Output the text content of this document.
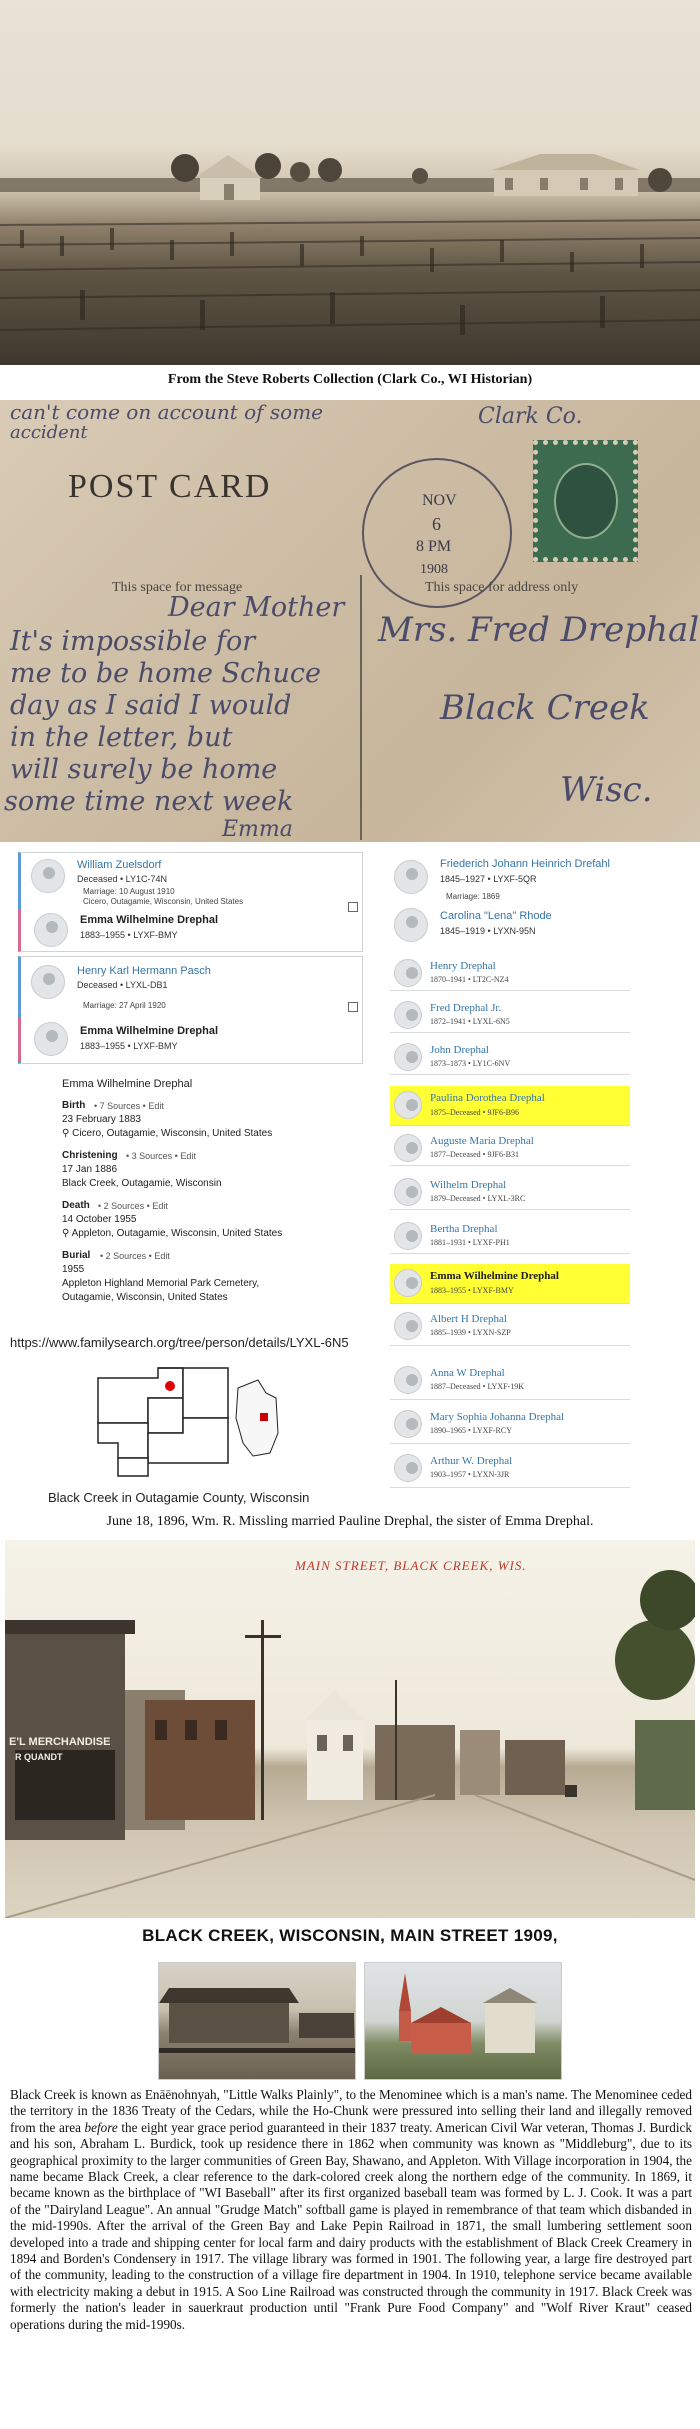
From the Steve Roberts Collection (Clark Co., WI Historian)
can't come on account of some
accident
Clark Co.
POST CARD	NOV
6
8 PM
1908
This space for message	This space for address only
Dear Mother
It's impossible for
me to be home Schuce
day as I said I would
in the letter, but
will surely be home
some time next week
Emma
Mrs. Fred Drephal
Black Creek
Wisc.
William Zuelsdorf
Deceased • LY1C-74N
Marriage: 10 August 1910
Cicero, Outagamie, Wisconsin, United States
Emma Wilhelmine Drephal
1883–1955 • LYXF-BMY
Henry Karl Hermann Pasch
Deceased • LYXL-DB1
Marriage: 27 April 1920
Emma Wilhelmine Drephal
1883–1955 • LYXF-BMY
Emma Wilhelmine Drephal
Birth • 7 Sources • Edit
23 February 1883
⚲ Cicero, Outagamie, Wisconsin, United States
Christening • 3 Sources • Edit
17 Jan 1886
Black Creek, Outagamie, Wisconsin
Death • 2 Sources • Edit
14 October 1955
⚲ Appleton, Outagamie, Wisconsin, United States
Burial • 2 Sources • Edit
1955
Appleton Highland Memorial Park Cemetery,
Outagamie, Wisconsin, United States
https://www.familysearch.org/tree/person/details/LYXL-6N5
Black Creek in Outagamie County, Wisconsin
Friederich Johann Heinrich Drefahl
1845–1927 • LYXF-5QR
Marriage: 1869
Carolina "Lena" Rhode
1845–1919 • LYXN-95N
Henry Drephal
1870–1941 • LT2C-NZ4
Fred Drephal Jr.
1872–1941 • LYXL-6N5
John Drephal
1873–1873 • LY1C-6NV
Paulina Dorothea Drephal
1875–Deceased • 9JF6-B96
Auguste Maria Drephal
1877–Deceased • 9JF6-B31
Wilhelm Drephal
1879–Deceased • LYXL-3RC
Bertha Drephal
1881–1931 • LYXF-PH1
Emma Wilhelmine Drephal
1883–1955 • LYXF-BMY
Albert H Drephal
1885–1939 • LYXN-SZP
Anna W Drephal
1887–Deceased • LYXF-19K
Mary Sophia Johanna Drephal
1890–1965 • LYXF-RCY
Arthur W. Drephal
1903–1957 • LYXN-3JR
June 18, 1896, Wm. R. Missling married Pauline Drephal, the sister of Emma Drephal.
MAIN STREET, BLACK CREEK, WIS.
E'L MERCHANDISE
R QUANDT
BLACK CREEK, WISCONSIN, MAIN STREET 1909,
Black Creek is known as Enāēnohnyah, "Little Walks Plainly", to the Menominee which is a man's name. The Menominee ceded the territory in the 1836 Treaty of the Cedars, while the Ho-Chunk were pressured into selling their land and illegally removed from the area before the eight year grace period guaranteed in their 1837 treaty. American Civil War veteran, Thomas J. Burdick and his son, Abraham L. Burdick, took up residence there in 1862 when community was known as "Middleburg", due to its geographical proximity to the larger communities of Green Bay, Shawano, and Appleton. With Village incorporation in 1904, the name became Black Creek, a clear reference to the dark-colored creek along the northern edge of the community. In 1869, it became known as the birthplace of "WI Baseball" after its first organized baseball team was formed by L. J. Cook. It was a part of the "Dairyland League". An annual "Grudge Match" softball game is played in remembrance of that team which disbanded in the mid-1990s. After the arrival of the Green Bay and Lake Pepin Railroad in 1871, the small lumbering settlement soon developed into a trade and shipping center for local farm and dairy products with the establishment of Black Creek Creamery in 1894 and Borden's Condensery in 1917. The village library was formed in 1901. The following year, a large fire destroyed part of the community, leading to the construction of a village fire department in 1904. In 1910, telephone service became available with electricity making a debut in 1915. A Soo Line Railroad was constructed through the community in 1917. Black Creek was formerly the nation's leader in sauerkraut production until "Frank Pure Food Company" and "Wolf River Kraut" ceased operations during the mid-1990s.
